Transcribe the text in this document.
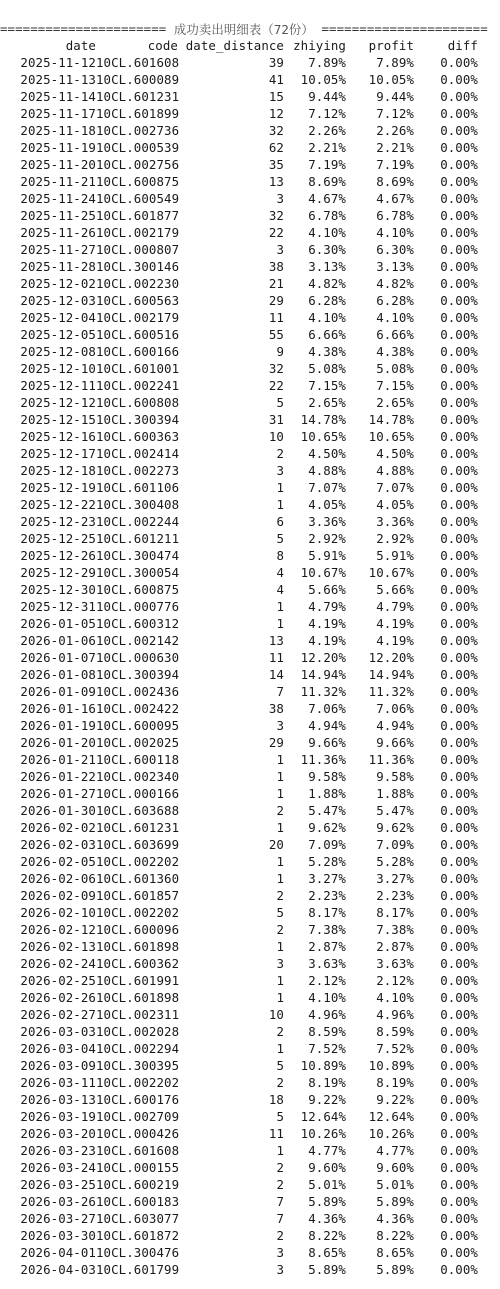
======================
成功卖出明细表（72份）
======================
date	code date_distance zhiying	profit	diff
2025-11-12 10CL.601608	39	7.89%	7.89%	0.00%
2025-11-13 10CL.600089	41	10.05%	10.05%	0.00%
2025-11-14 10CL.601231	15	9.44%	9.44%	0.00%
2025-11-17 10CL.601899	12	7.12%	7.12%	0.00%
2025-11-18 10CL.002736	32	2.26%	2.26%	0.00%
2025-11-19 10CL.000539	62	2.21%	2.21%	0.00%
2025-11-20 10CL.002756	35	7.19%	7.19%	0.00%
2025-11-21 10CL.600875	13	8.69%	8.69%	0.00%
2025-11-24 10CL.600549	3	4.67%	4.67%	0.00%
2025-11-25 10CL.601877	32	6.78%	6.78%	0.00%
2025-11-26 10CL.002179	22	4.10%	4.10%	0.00%
2025-11-27 10CL.000807	3	6.30%	6.30%	0.00%
2025-11-28 10CL.300146	38	3.13%	3.13%	0.00%
2025-12-02 10CL.002230	21	4.82%	4.82%	0.00%
2025-12-03 10CL.600563	29	6.28%	6.28%	0.00%
2025-12-04 10CL.002179	11	4.10%	4.10%	0.00%
2025-12-05 10CL.600516	55	6.66%	6.66%	0.00%
2025-12-08 10CL.600166	9	4.38%	4.38%	0.00%
2025-12-10 10CL.601001	32	5.08%	5.08%	0.00%
2025-12-11 10CL.002241	22	7.15%	7.15%	0.00%
2025-12-12 10CL.600808	5	2.65%	2.65%	0.00%
2025-12-15 10CL.300394	31	14.78%	14.78%	0.00%
2025-12-16 10CL.600363	10	10.65%	10.65%	0.00%
2025-12-17 10CL.002414	2	4.50%	4.50%	0.00%
2025-12-18 10CL.002273	3	4.88%	4.88%	0.00%
2025-12-19 10CL.601106	1	7.07%	7.07%	0.00%
2025-12-22 10CL.300408	1	4.05%	4.05%	0.00%
2025-12-23 10CL.002244	6	3.36%	3.36%	0.00%
2025-12-25 10CL.601211	5	2.92%	2.92%	0.00%
2025-12-26 10CL.300474	8	5.91%	5.91%	0.00%
2025-12-29 10CL.300054	4	10.67%	10.67%	0.00%
2025-12-30 10CL.600875	4	5.66%	5.66%	0.00%
2025-12-31 10CL.000776	1	4.79%	4.79%	0.00%
2026-01-05 10CL.600312	1	4.19%	4.19%	0.00%
2026-01-06 10CL.002142	13	4.19%	4.19%	0.00%
2026-01-07 10CL.000630	11	12.20%	12.20%	0.00%
2026-01-08 10CL.300394	14	14.94%	14.94%	0.00%
2026-01-09 10CL.002436	7	11.32%	11.32%	0.00%
2026-01-16 10CL.002422	38	7.06%	7.06%	0.00%
2026-01-19 10CL.600095	3	4.94%	4.94%	0.00%
2026-01-20 10CL.002025	29	9.66%	9.66%	0.00%
2026-01-21 10CL.600118	1	11.36%	11.36%	0.00%
2026-01-22 10CL.002340	1	9.58%	9.58%	0.00%
2026-01-27 10CL.000166	1	1.88%	1.88%	0.00%
2026-01-30 10CL.603688	2	5.47%	5.47%	0.00%
2026-02-02 10CL.601231	1	9.62%	9.62%	0.00%
2026-02-03 10CL.603699	20	7.09%	7.09%	0.00%
2026-02-05 10CL.002202	1	5.28%	5.28%	0.00%
2026-02-06 10CL.601360	1	3.27%	3.27%	0.00%
2026-02-09 10CL.601857	2	2.23%	2.23%	0.00%
2026-02-10 10CL.002202	5	8.17%	8.17%	0.00%
2026-02-12 10CL.600096	2	7.38%	7.38%	0.00%
2026-02-13 10CL.601898	1	2.87%	2.87%	0.00%
2026-02-24 10CL.600362	3	3.63%	3.63%	0.00%
2026-02-25 10CL.601991	1	2.12%	2.12%	0.00%
2026-02-26 10CL.601898	1	4.10%	4.10%	0.00%
2026-02-27 10CL.002311	10	4.96%	4.96%	0.00%
2026-03-03 10CL.002028	2	8.59%	8.59%	0.00%
2026-03-04 10CL.002294	1	7.52%	7.52%	0.00%
2026-03-09 10CL.300395	5	10.89%	10.89%	0.00%
2026-03-11 10CL.002202	2	8.19%	8.19%	0.00%
2026-03-13 10CL.600176	18	9.22%	9.22%	0.00%
2026-03-19 10CL.002709	5	12.64%	12.64%	0.00%
2026-03-20 10CL.000426	11	10.26%	10.26%	0.00%
2026-03-23 10CL.601608	1	4.77%	4.77%	0.00%
2026-03-24 10CL.000155	2	9.60%	9.60%	0.00%
2026-03-25 10CL.600219	2	5.01%	5.01%	0.00%
2026-03-26 10CL.600183	7	5.89%	5.89%	0.00%
2026-03-27 10CL.603077	7	4.36%	4.36%	0.00%
2026-03-30 10CL.601872	2	8.22%	8.22%	0.00%
2026-04-01 10CL.300476	3	8.65%	8.65%	0.00%
2026-04-03 10CL.601799	3	5.89%	5.89%	0.00%
